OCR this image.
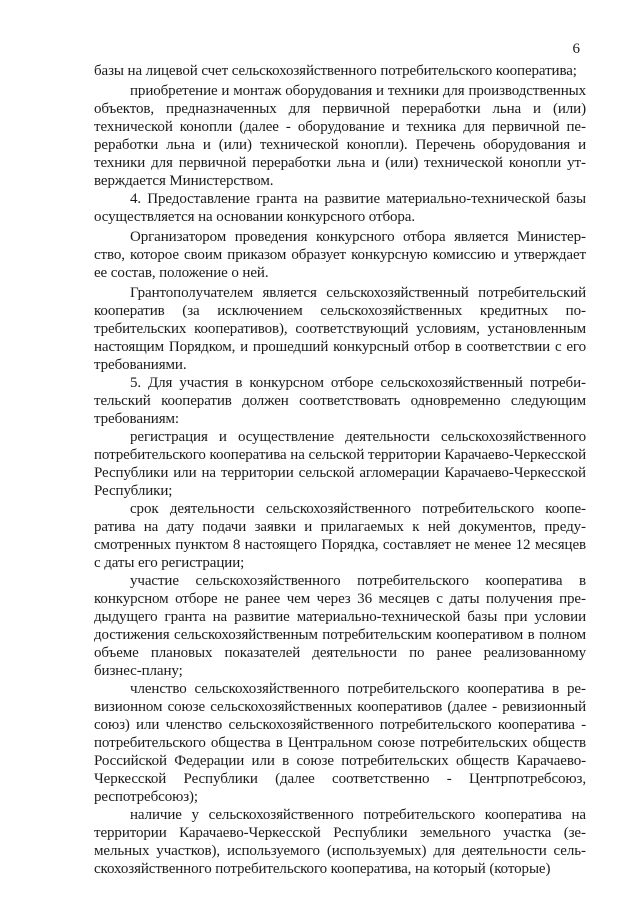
6

базы на лицевой счет сельскохозяйственного потребительского кооператива;

приобретение и монтаж оборудования и техники для производственных объектов, предназначенных для первичной переработки льна и (или) технической конопли (далее - оборудование и техника для первичной переработки льна и (или) технической конопли). Перечень оборудования и техники для первичной переработки льна и (или) технической конопли утверждается Министерством.

4. Предоставление гранта на развитие материально-технической базы осуществляется на основании конкурсного отбора.

Организатором проведения конкурсного отбора является Министерство, которое своим приказом образует конкурсную комиссию и утверждает ее состав, положение о ней.

Грантополучателем является сельскохозяйственный потребительский кооператив (за исключением сельскохозяйственных кредитных потребительских кооперативов), соответствующий условиям, установленным настоящим Порядком, и прошедший конкурсный отбор в соответствии с его требованиями.

5. Для участия в конкурсном отборе сельскохозяйственный потребительский кооператив должен соответствовать одновременно следующим требованиям:

регистрация и осуществление деятельности сельскохозяйственного потребительского кооператива на сельской территории Карачаево-Черкесской Республики или на территории сельской агломерации Карачаево-Черкесской Республики;

срок деятельности сельскохозяйственного потребительского кооператива на дату подачи заявки и прилагаемых к ней документов, предусмотренных пунктом 8 настоящего Порядка, составляет не менее 12 месяцев с даты его регистрации;

участие сельскохозяйственного потребительского кооператива в конкурсном отборе не ранее чем через 36 месяцев с даты получения предыдущего гранта на развитие материально-технической базы при условии достижения сельскохозяйственным потребительским кооперативом в полном объеме плановых показателей деятельности по ранее реализованному бизнес-плану;

членство сельскохозяйственного потребительского кооператива в ревизионном союзе сельскохозяйственных кооперативов (далее - ревизионный союз) или членство сельскохозяйственного потребительского кооператива - потребительского общества в Центральном союзе потребительских обществ Российской Федерации или в союзе потребительских обществ Карачаево-Черкесской Республики (далее соответственно - Центрпотребсоюз, респотребсоюз);

наличие у сельскохозяйственного потребительского кооператива на территории Карачаево-Черкесской Республики земельного участка (земельных участков), используемого (используемых) для деятельности сельскохозяйственного потребительского кооператива, на который (которые)
